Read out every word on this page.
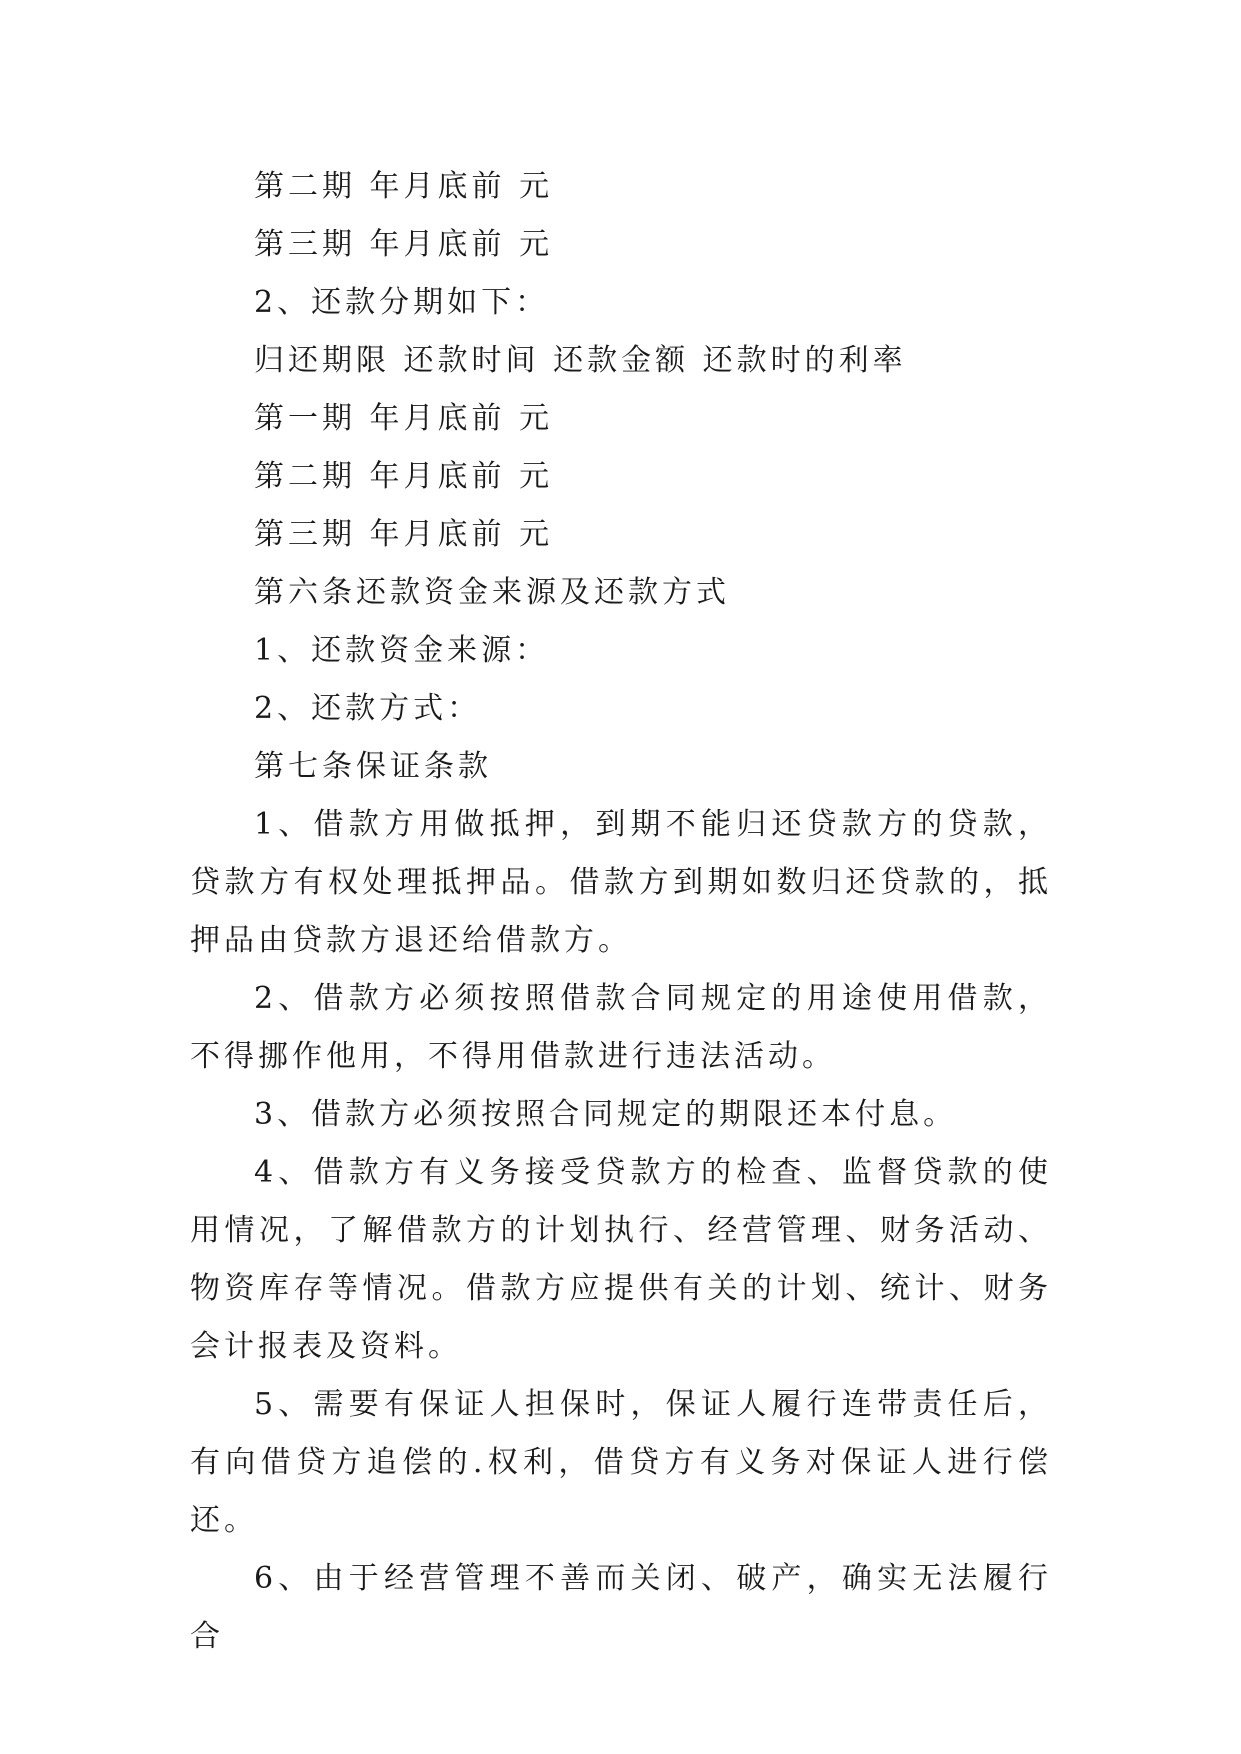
第二期 年月底前 元

第三期 年月底前 元

2、还款分期如下：

归还期限 还款时间 还款金额 还款时的利率

第一期 年月底前 元

第二期 年月底前 元

第三期 年月底前 元

第六条还款资金来源及还款方式

1、还款资金来源：

2、还款方式：

第七条保证条款

1、借款方用做抵押，到期不能归还贷款方的贷款，贷款方有权处理抵押品。借款方到期如数归还贷款的，抵押品由贷款方退还给借款方。

2、借款方必须按照借款合同规定的用途使用借款，不得挪作他用，不得用借款进行违法活动。

3、借款方必须按照合同规定的期限还本付息。

4、借款方有义务接受贷款方的检查、监督贷款的使用情况，了解借款方的计划执行、经营管理、财务活动、物资库存等情况。借款方应提供有关的计划、统计、财务会计报表及资料。

5、需要有保证人担保时，保证人履行连带责任后，有向借贷方追偿的.权利，借贷方有义务对保证人进行偿还。

6、由于经营管理不善而关闭、破产，确实无法履行合
